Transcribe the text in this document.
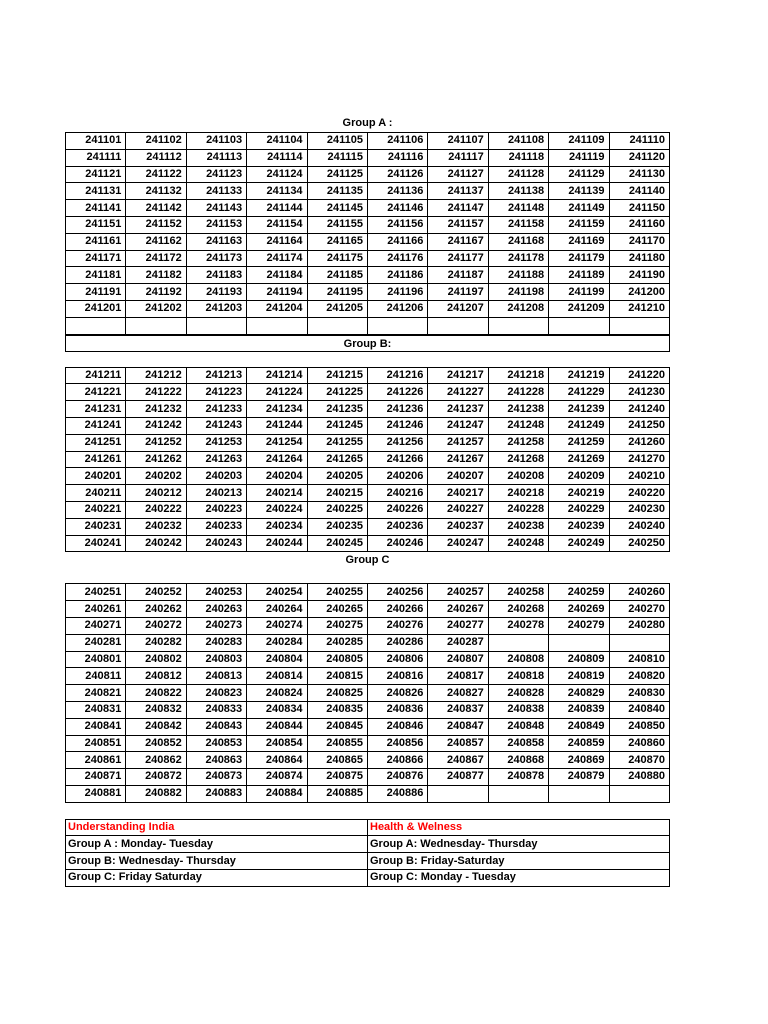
Group A :
241101	241102	241103	241104	241105	241106	241107	241108	241109	241110
241111	241112	241113	241114	241115	241116	241117	241118	241119	241120
241121	241122	241123	241124	241125	241126	241127	241128	241129	241130
241131	241132	241133	241134	241135	241136	241137	241138	241139	241140
241141	241142	241143	241144	241145	241146	241147	241148	241149	241150
241151	241152	241153	241154	241155	241156	241157	241158	241159	241160
241161	241162	241163	241164	241165	241166	241167	241168	241169	241170
241171	241172	241173	241174	241175	241176	241177	241178	241179	241180
241181	241182	241183	241184	241185	241186	241187	241188	241189	241190
241191	241192	241193	241194	241195	241196	241197	241198	241199	241200
241201	241202	241203	241204	241205	241206	241207	241208	241209	241210

Group B:
241211	241212	241213	241214	241215	241216	241217	241218	241219	241220
241221	241222	241223	241224	241225	241226	241227	241228	241229	241230
241231	241232	241233	241234	241235	241236	241237	241238	241239	241240
241241	241242	241243	241244	241245	241246	241247	241248	241249	241250
241251	241252	241253	241254	241255	241256	241257	241258	241259	241260
241261	241262	241263	241264	241265	241266	241267	241268	241269	241270
240201	240202	240203	240204	240205	240206	240207	240208	240209	240210
240211	240212	240213	240214	240215	240216	240217	240218	240219	240220
240221	240222	240223	240224	240225	240226	240227	240228	240229	240230
240231	240232	240233	240234	240235	240236	240237	240238	240239	240240
240241	240242	240243	240244	240245	240246	240247	240248	240249	240250
Group C
240251	240252	240253	240254	240255	240256	240257	240258	240259	240260
240261	240262	240263	240264	240265	240266	240267	240268	240269	240270
240271	240272	240273	240274	240275	240276	240277	240278	240279	240280
240281	240282	240283	240284	240285	240286	240287			
240801	240802	240803	240804	240805	240806	240807	240808	240809	240810
240811	240812	240813	240814	240815	240816	240817	240818	240819	240820
240821	240822	240823	240824	240825	240826	240827	240828	240829	240830
240831	240832	240833	240834	240835	240836	240837	240838	240839	240840
240841	240842	240843	240844	240845	240846	240847	240848	240849	240850
240851	240852	240853	240854	240855	240856	240857	240858	240859	240860
240861	240862	240863	240864	240865	240866	240867	240868	240869	240870
240871	240872	240873	240874	240875	240876	240877	240878	240879	240880
240881	240882	240883	240884	240885	240886				
Understanding India	Health & Welness
Group A : Monday- Tuesday	Group A: Wednesday- Thursday
Group B: Wednesday- Thursday	Group B: Friday-Saturday
Group C: Friday Saturday	Group C: Monday - Tuesday
